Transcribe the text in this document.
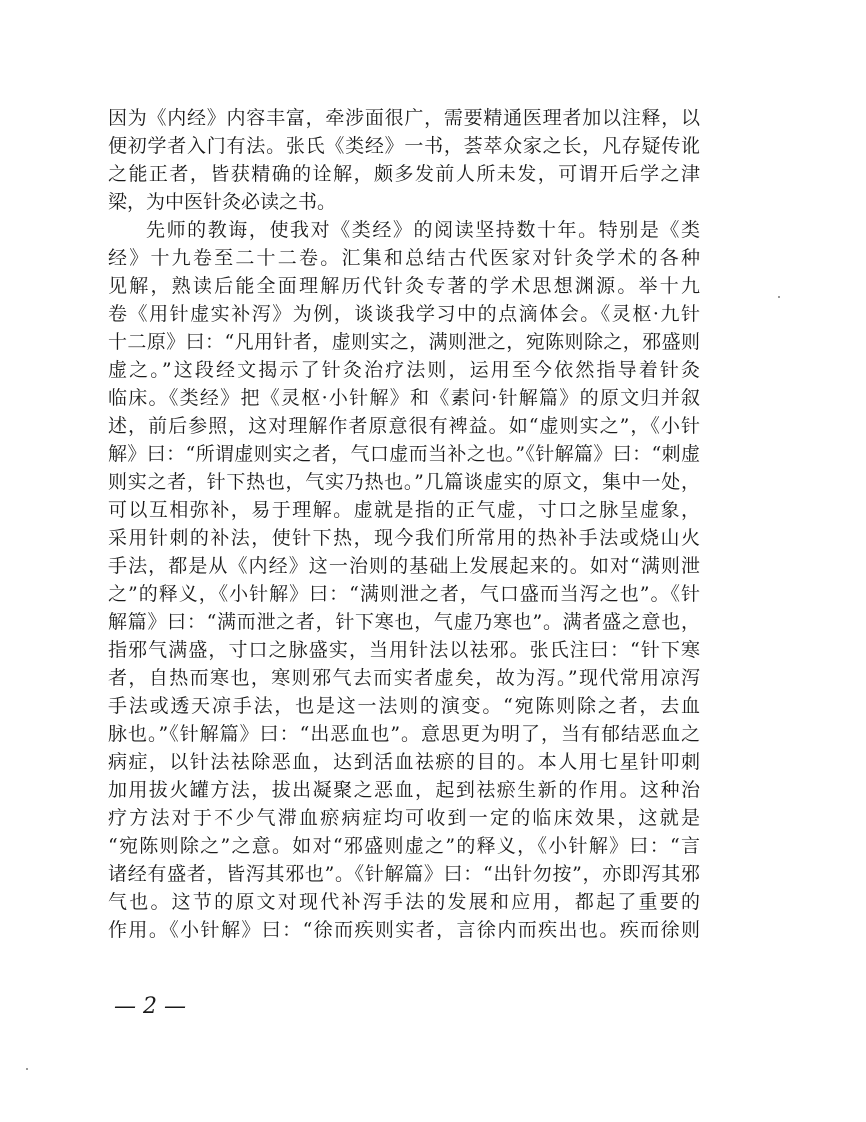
因为《内经》内容丰富，牵涉面很广，需要精通医理者加以注释，以
便初学者入门有法。张氏《类经》一书，荟萃众家之长，凡存疑传讹
之能正者，皆获精确的诠解，颇多发前人所未发，可谓开后学之津
梁，为中医针灸必读之书。
先师的教诲，使我对《类经》的阅读坚持数十年。特别是《类
经》十九卷至二十二卷。汇集和总结古代医家对针灸学术的各种
见解，熟读后能全面理解历代针灸专著的学术思想渊源。举十九
卷《用针虚实补泻》为例，谈谈我学习中的点滴体会。《灵枢·九针
十二原》曰：“凡用针者，虚则实之，满则泄之，宛陈则除之，邪盛则
虚之。”这段经文揭示了针灸治疗法则，运用至今依然指导着针灸
临床。《类经》把《灵枢·小针解》和《素问·针解篇》的原文归并叙
述，前后参照，这对理解作者原意很有裨益。如“虚则实之”，《小针
解》曰：“所谓虚则实之者，气口虚而当补之也。”《针解篇》曰：“刺虚
则实之者，针下热也，气实乃热也。”几篇谈虚实的原文，集中一处，
可以互相弥补，易于理解。虚就是指的正气虚，寸口之脉呈虚象，
采用针刺的补法，使针下热，现今我们所常用的热补手法或烧山火
手法，都是从《内经》这一治则的基础上发展起来的。如对“满则泄
之”的释义，《小针解》曰：“满则泄之者，气口盛而当泻之也”。《针
解篇》曰：“满而泄之者，针下寒也，气虚乃寒也”。满者盛之意也，
指邪气满盛，寸口之脉盛实，当用针法以祛邪。张氏注曰：“针下寒
者，自热而寒也，寒则邪气去而实者虚矣，故为泻。”现代常用凉泻
手法或透天凉手法，也是这一法则的演变。“宛陈则除之者，去血
脉也。”《针解篇》曰：“出恶血也”。意思更为明了，当有郁结恶血之
病症，以针法祛除恶血，达到活血祛瘀的目的。本人用七星针叩刺
加用拔火罐方法，拔出凝聚之恶血，起到祛瘀生新的作用。这种治
疗方法对于不少气滞血瘀病症均可收到一定的临床效果，这就是
“宛陈则除之”之意。如对“邪盛则虚之”的释义，《小针解》曰：“言
诸经有盛者，皆泻其邪也”。《针解篇》曰：“出针勿按”，亦即泻其邪
气也。这节的原文对现代补泻手法的发展和应用，都起了重要的
作用。《小针解》曰：“徐而疾则实者，言徐内而疾出也。疾而徐则
— 2 —
